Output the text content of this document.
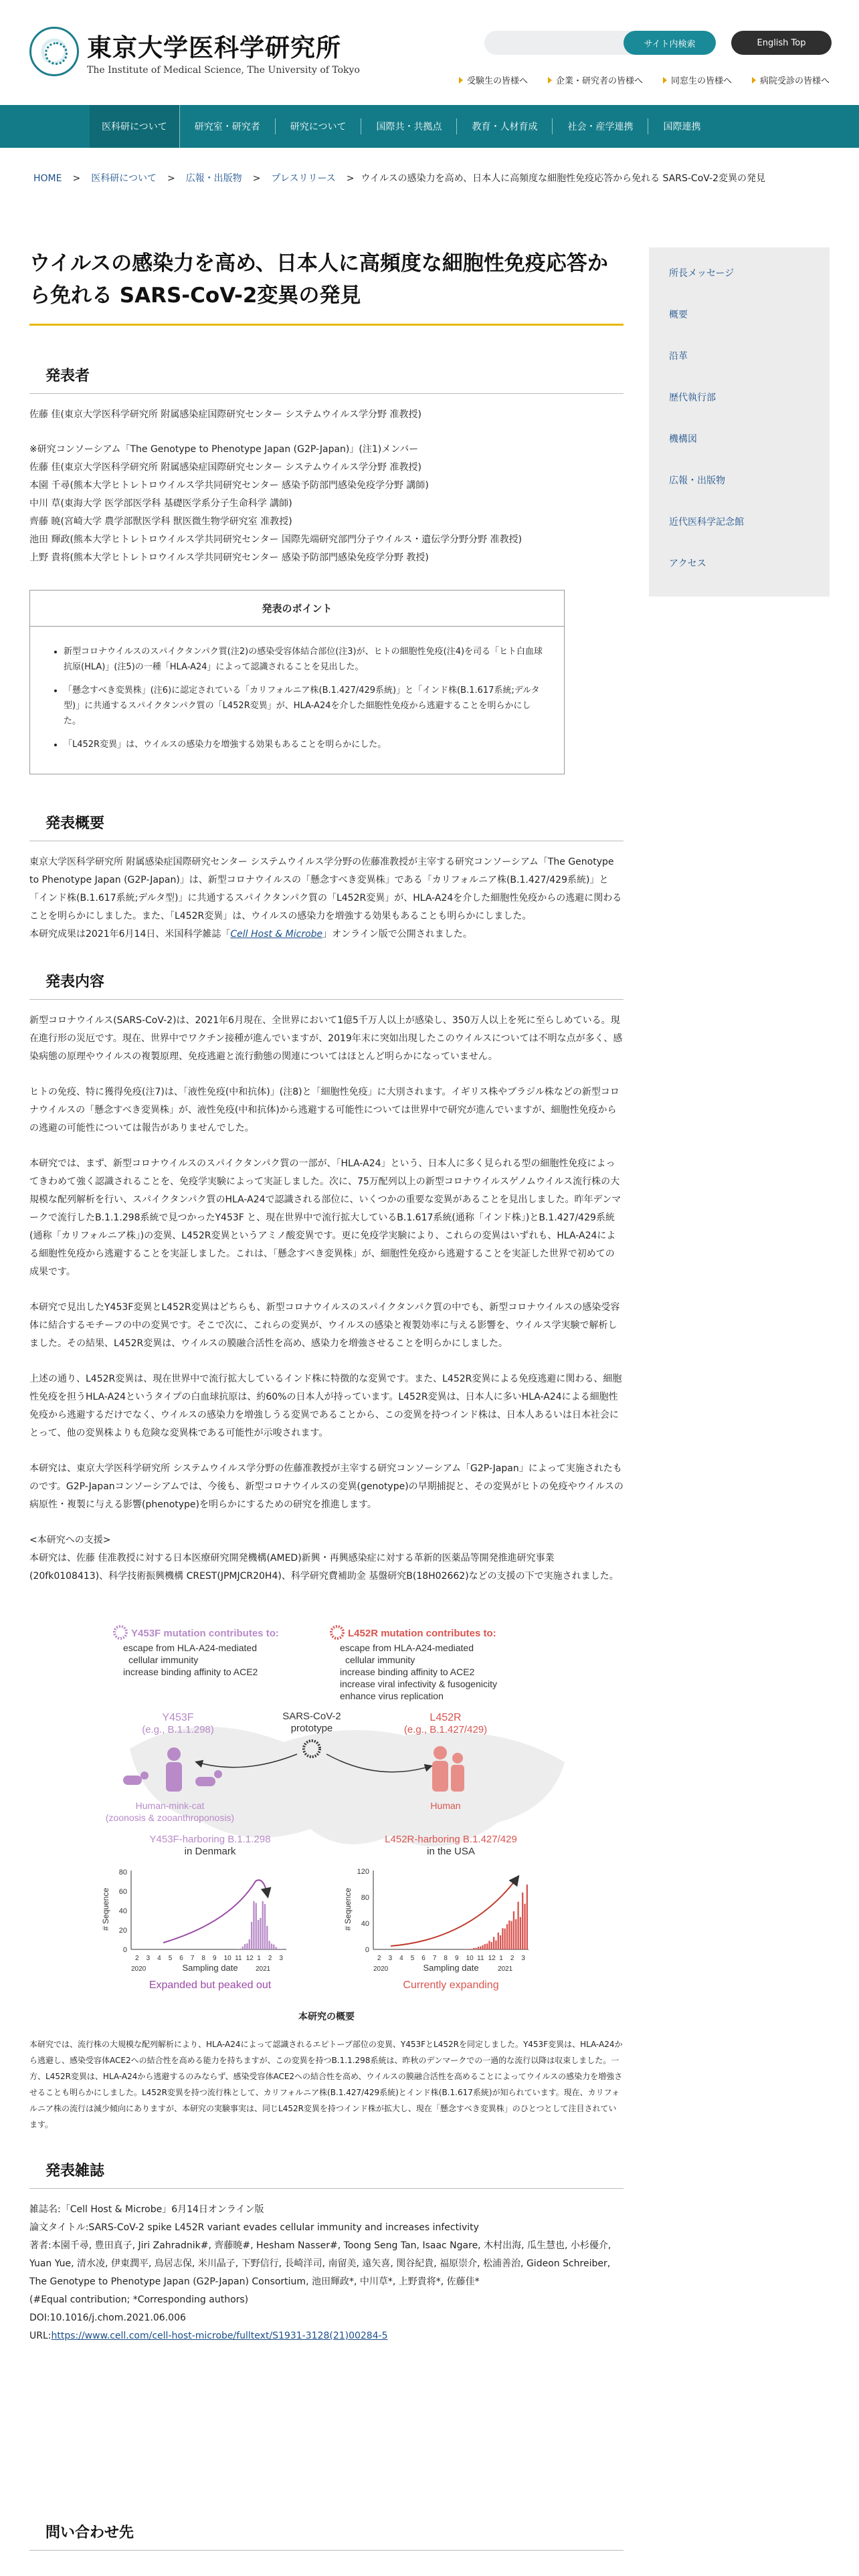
東京大学医科学研究所
The Institute of Medical Science, The University of Tokyo
サイト内検索	English Top
受験生の皆様へ	企業・研究者の皆様へ	同窓生の皆様へ	病院受診の皆様へ
医科研について	研究室・研究者	研究について	国際共・共拠点	教育・人材育成	社会・産学連携	国際連携
HOME > 医科研について > 広報・出版物 > プレスリリース > ウイルスの感染力を高め、日本人に高頻度な細胞性免疫応答から免れる SARS-CoV-2変異の発見
所長メッセージ
概要
沿革
歴代執行部
機構図
広報・出版物
近代医科学記念館
アクセス
ウイルスの感染力を高め、日本人に高頻度な細胞性免疫応答から免れる SARS-CoV-2変異の発見
発表者
佐藤 佳(東京大学医科学研究所 附属感染症国際研究センター システムウイルス学分野 准教授)
※研究コンソーシアム「The Genotype to Phenotype Japan (G2P-Japan)」(注1)メンバー
佐藤 佳(東京大学医科学研究所 附属感染症国際研究センター システムウイルス学分野 准教授)
本園 千尋(熊本大学ヒトレトロウイルス学共同研究センター 感染予防部門感染免疫学分野 講師)
中川 草(東海大学 医学部医学科 基礎医学系分子生命科学 講師)
齊藤 暁(宮崎大学 農学部獣医学科 獣医微生物学研究室 准教授)
池田 輝政(熊本大学ヒトレトロウイルス学共同研究センター 国際先端研究部門分子ウイルス・遺伝学分野分野 准教授)
上野 貴将(熊本大学ヒトレトロウイルス学共同研究センター 感染予防部門感染免疫学分野 教授)
発表のポイント
• 新型コロナウイルスのスパイクタンパク質(注2)の感染受容体結合部位(注3)が、ヒトの細胞性免疫(注4)を司る「ヒト白血球抗原(HLA)」(注5)の一種「HLA-A24」によって認識されることを見出した。
• 「懸念すべき変異株」(注6)に認定されている「カリフォルニア株(B.1.427/429系統)」と「インド株(B.1.617系統;デルタ型)」に共通するスパイクタンパク質の「L452R変異」が、HLA-A24を介した細胞性免疫から逃避することを明らかにした。
• 「L452R変異」は、ウイルスの感染力を増強する効果もあることを明らかにした。
発表概要
東京大学医科学研究所 附属感染症国際研究センター システムウイルス学分野の佐藤准教授が主宰する研究コンソーシアム「The Genotype to Phenotype Japan (G2P-Japan)」は、新型コロナウイルスの「懸念すべき変異株」である「カリフォルニア株(B.1.427/429系統)」と「インド株(B.1.617系統;デルタ型)」に共通するスパイクタンパク質の「L452R変異」が、HLA-A24を介した細胞性免疫からの逃避に関わることを明らかにしました。また、「L452R変異」は、ウイルスの感染力を増強する効果もあることも明らかにしました。
本研究成果は2021年6月14日、米国科学雑誌「Cell Host & Microbe」オンライン版で公開されました。
発表内容
新型コロナウイルス(SARS-CoV-2)は、2021年6月現在、全世界において1億5千万人以上が感染し、350万人以上を死に至らしめている。現在進行形の災厄です。現在、世界中でワクチン接種が進んでいますが、2019年末に突如出現したこのウイルスについては不明な点が多く、感染病態の原理やウイルスの複製原理、免疫逃避と流行動態の関連についてはほとんど明らかになっていません。
ヒトの免疫、特に獲得免疫(注7)は、「液性免疫(中和抗体)」(注8)と「細胞性免疫」に大別されます。イギリス株やブラジル株などの新型コロナウイルスの「懸念すべき変異株」が、液性免疫(中和抗体)から逃避する可能性については世界中で研究が進んでいますが、細胞性免疫からの逃避の可能性については報告がありませんでした。
本研究では、まず、新型コロナウイルスのスパイクタンパク質の一部が、「HLA-A24」という、日本人に多く見られる型の細胞性免疫によってきわめて強く認識されることを、免疫学実験によって実証しました。次に、75万配列以上の新型コロナウイルスゲノムウイルス流行株の大規模な配列解析を行い、スパイクタンパク質のHLA-A24で認識される部位に、いくつかの重要な変異があることを見出しました。昨年デンマークで流行したB.1.1.298系統で見つかったY453F と、現在世界中で流行拡大しているB.1.617系統(通称「インド株」)とB.1.427/429系統(通称「カリフォルニア株」)の変異、L452R変異というアミノ酸変異です。更に免疫学実験により、これらの変異はいずれも、HLA-A24による細胞性免疫から逃避することを実証しました。これは、「懸念すべき変異株」が、細胞性免疫から逃避することを実証した世界で初めての成果です。
本研究で見出したY453F変異とL452R変異はどちらも、新型コロナウイルスのスパイクタンパク質の中でも、新型コロナウイルスの感染受容体に結合するモチーフの中の変異です。そこで次に、これらの変異が、ウイルスの感染と複製効率に与える影響を、ウイルス学実験で解析しました。その結果、L452R変異は、ウイルスの膜融合活性を高め、感染力を増強させることを明らかにしました。
上述の通り、L452R変異は、現在世界中で流行拡大しているインド株に特徴的な変異です。また、L452R変異による免疫逃避に関わる、細胞性免疫を担うHLA-A24というタイプの白血球抗原は、約60%の日本人が持っています。L452R変異は、日本人に多いHLA-A24による細胞性免疫から逃避するだけでなく、ウイルスの感染力を増強しうる変異であることから、この変異を持つインド株は、日本人あるいは日本社会にとって、他の変異株よりも危険な変異株である可能性が示唆されます。
本研究は、東京大学医科学研究所 システムウイルス学分野の佐藤准教授が主宰する研究コンソーシアム「G2P-Japan」によって実施されたものです。G2P-Japanコンソーシアムでは、今後も、新型コロナウイルスの変異(genotype)の早期捕捉と、その変異がヒトの免疫やウイルスの病原性・複製に与える影響(phenotype)を明らかにするための研究を推進します。
<本研究への支援>
本研究は、佐藤 佳准教授に対する日本医療研究開発機構(AMED)新興・再興感染症に対する革新的医薬品等開発推進研究事業(20fk0108413)、科学技術振興機構 CREST(JPMJCR20H4)、科学研究費補助金 基盤研究B(18H02662)などの支援の下で実施されました。
Y453F mutation contributes to:
escape from HLA-A24-mediated
cellular immunity
increase binding affinity to ACE2
L452R mutation contributes to:
escape from HLA-A24-mediated
cellular immunity
increase binding affinity to ACE2
increase viral infectivity & fusogenicity
enhance virus replication
Y453F
(e.g., B.1.1.298)
SARS-CoV-2
prototype
L452R
(e.g., B.1.427/429)
Human-mink-cat
(zoonosis & zooanthroponosis)
Human
Y453F-harboring B.1.1.298
in Denmark
L452R-harboring B.1.427/429
in the USA
0
20
40
60
80
0
40
80
120
2 3 4 5 6 7 8 9 10 11 12 1 2 3	2 3 4 5 6 7 8 9 10 11 12 1 2 3
# Sequence	# Sequence
2020	2021	2020	2021
Sampling date	Sampling date
Expanded but peaked out	Currently expanding
本研究の概要
本研究では、流行株の大規模な配列解析により、HLA-A24によって認識されるエピトープ部位の変異、Y453FとL452Rを同定しました。Y453F変異は、HLA-A24から逃避し、感染受容体ACE2への結合性を高める能力を持ちますが、この変異を持つB.1.1.298系統は、昨秋のデンマークでの一過的な流行以降は収束しました。一方、L452R変異は、HLA-A24から逃避するのみならず、感染受容体ACE2への結合性を高め、ウイルスの膜融合活性を高めることによってウイルスの感染力を増強させることも明らかにしました。L452R変異を持つ流行株として、カリフォルニア株(B.1.427/429系統)とインド株(B.1.617系統)が知られています。現在、カリフォルニア株の流行は減少傾向にありますが、本研究の実験事実は、同じL452R変異を持つインド株が拡大し、現在「懸念すべき変異株」のひとつとして注目されています。
発表雑誌
雑誌名:「Cell Host & Microbe」6月14日オンライン版
論文タイトル:SARS-CoV-2 spike L452R variant evades cellular immunity and increases infectivity
著者:本園千尋, 豊田真子, Jiri Zahradnik#, 齊藤暁#, Hesham Nasser#, Toong Seng Tan, Isaac Ngare, 木村出海, 瓜生慧也, 小杉優介, Yuan Yue, 清水凌, 伊東潤平, 鳥居志保, 米川晶子, 下野信行, 長崎洋司, 南留美, 遠矢喜, 関谷紀貴, 福原崇介, 松浦善治, Gideon Schreiber, The Genotype to Phenotype Japan (G2P-Japan) Consortium, 池田輝政*, 中川草*, 上野貴将*, 佐藤佳*
(#Equal contribution; *Corresponding authors)
DOI:10.1016/j.chom.2021.06.006
URL:https://www.cell.com/cell-host-microbe/fulltext/S1931-3128(21)00284-5
問い合わせ先
